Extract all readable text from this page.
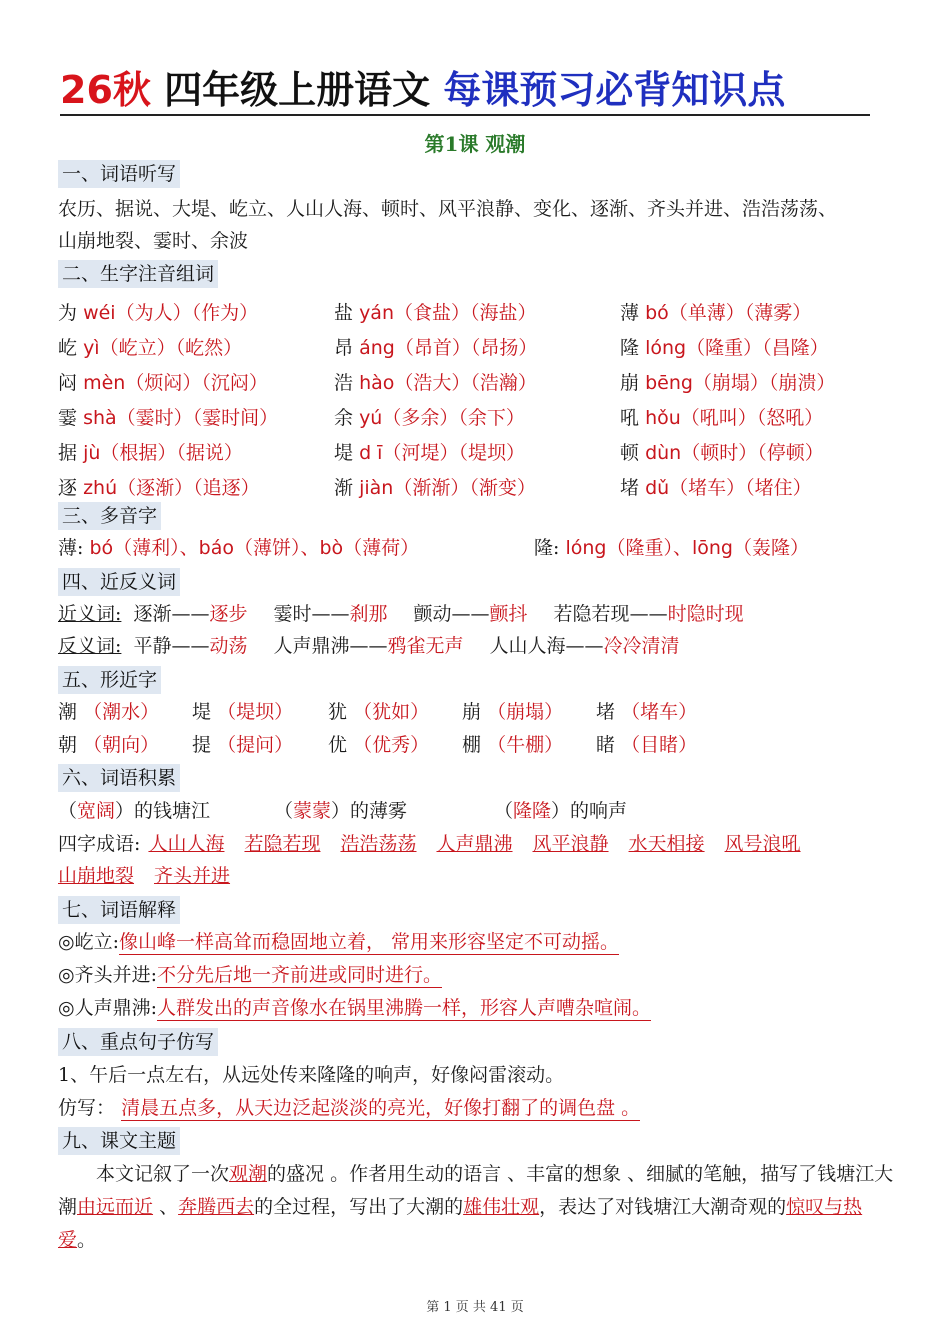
26秋 四年级上册语文 每课预习必背知识点
第1课 观潮
一、词语听写
农历、据说、大堤、屹立、人山人海、顿时、风平浪静、变化、逐渐、齐头并进、浩浩荡荡、
山崩地裂、霎时、余波
二、生字注音组词
为 wéi（为人）（作为）	盐 yán（食盐）（海盐）	薄 bó（单薄）（薄雾）
屹 yì（屹立）（屹然）	昂 áng（昂首）（昂扬）	隆 lóng（隆重）（昌隆）
闷 mèn（烦闷）（沉闷）	浩 hào（浩大）（浩瀚）	崩 bēng（崩塌）（崩溃）
霎 shà（霎时）（霎时间）	余 yú（多余）（余下）	吼 hǒu（吼叫）（怒吼）
据 jù（根据）（据说）	堤 d ī（河堤）（堤坝）	顿 dùn（顿时）（停顿）
逐 zhú（逐渐）（追逐）	渐 jiàn（渐渐）（渐变）	堵 dǔ（堵车）（堵住）
三、多音字
薄: bó（薄利）、báo（薄饼）、bò（薄荷）	隆: lóng（隆重）、lōng（轰隆）
四、近反义词
近义词: 逐渐——逐步 霎时——刹那 颤动——颤抖 若隐若现——时隐时现
反义词: 平静——动荡 人声鼎沸——鸦雀无声 人山人海——冷冷清清
五、形近字
潮 （潮水） 堤 （堤坝） 犹 （犹如） 崩 （崩塌） 堵 （堵车）
朝 （朝向） 提 （提问） 优 （优秀） 棚 （牛棚） 睹 （目睹）
六、词语积累
（宽阔）的钱塘江	（蒙蒙）的薄雾	（隆隆）的响声
四字成语: 人山人海 若隐若现 浩浩荡荡 人声鼎沸 风平浪静 水天相接 风号浪吼
山崩地裂 齐头并进
七、词语解释
◎屹立:像山峰一样高耸而稳固地立着， 常用来形容坚定不可动摇。
◎齐头并进:不分先后地一齐前进或同时进行。
◎人声鼎沸:人群发出的声音像水在锅里沸腾一样，形容人声嘈杂喧闹。
八、重点句子仿写
1、午后一点左右，从远处传来隆隆的响声，好像闷雷滚动。
仿写： 清晨五点多，从天边泛起淡淡的亮光，好像打翻了的调色盘 。
九、课文主题
本文记叙了一次观潮的盛况 。作者用生动的语言 、丰富的想象 、细腻的笔触，描写了钱塘江大潮由远而近 、奔腾西去的全过程，写出了大潮的雄伟壮观，表达了对钱塘江大潮奇观的惊叹与热爱。
第 1 页 共 41 页
